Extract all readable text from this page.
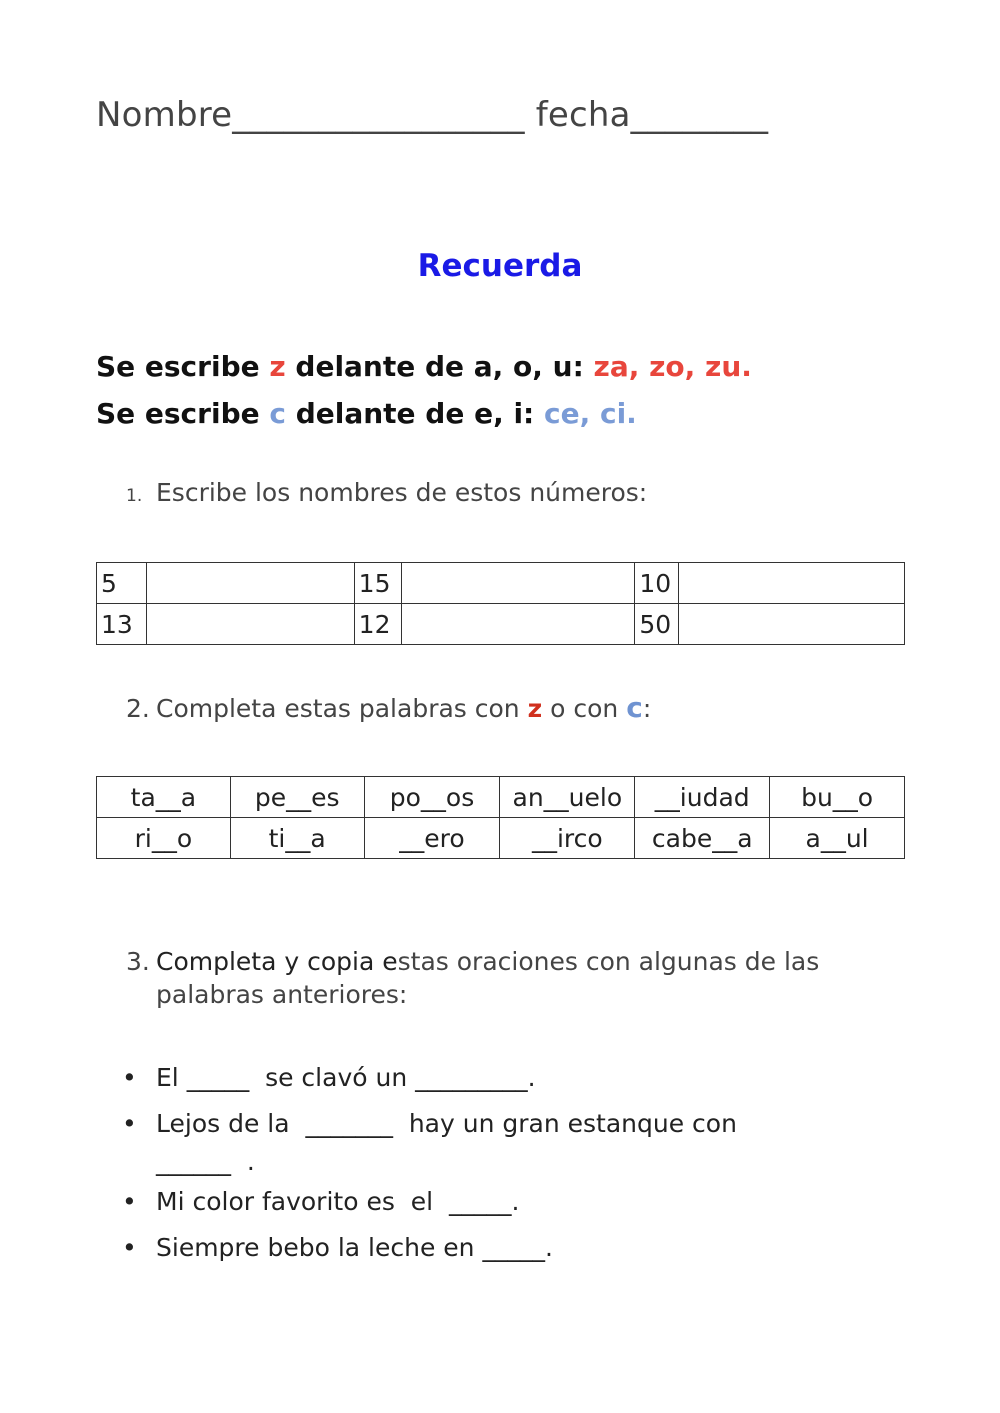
Nombre_________________ fecha________
Recuerda
Se escribe z delante de a, o, u: za, zo, zu.
Se escribe c delante de e, i: ce, ci.
1. Escribe los nombres de estos números:
5		15		10	
13		12		50	
2. Completa estas palabras con z o con c:
ta__a	pe__es	po__os	an__uelo	__iudad	bu__o
ri__o	ti__a	__ero	__irco	cabe__a	a__ul
3. Completa y copia estas oraciones con algunas de las palabras anteriores:
• El _____  se clavó un _________.
• Lejos de la  _______  hay un gran estanque con
______  .
• Mi color favorito es  el  _____.
• Siempre bebo la leche en _____.
